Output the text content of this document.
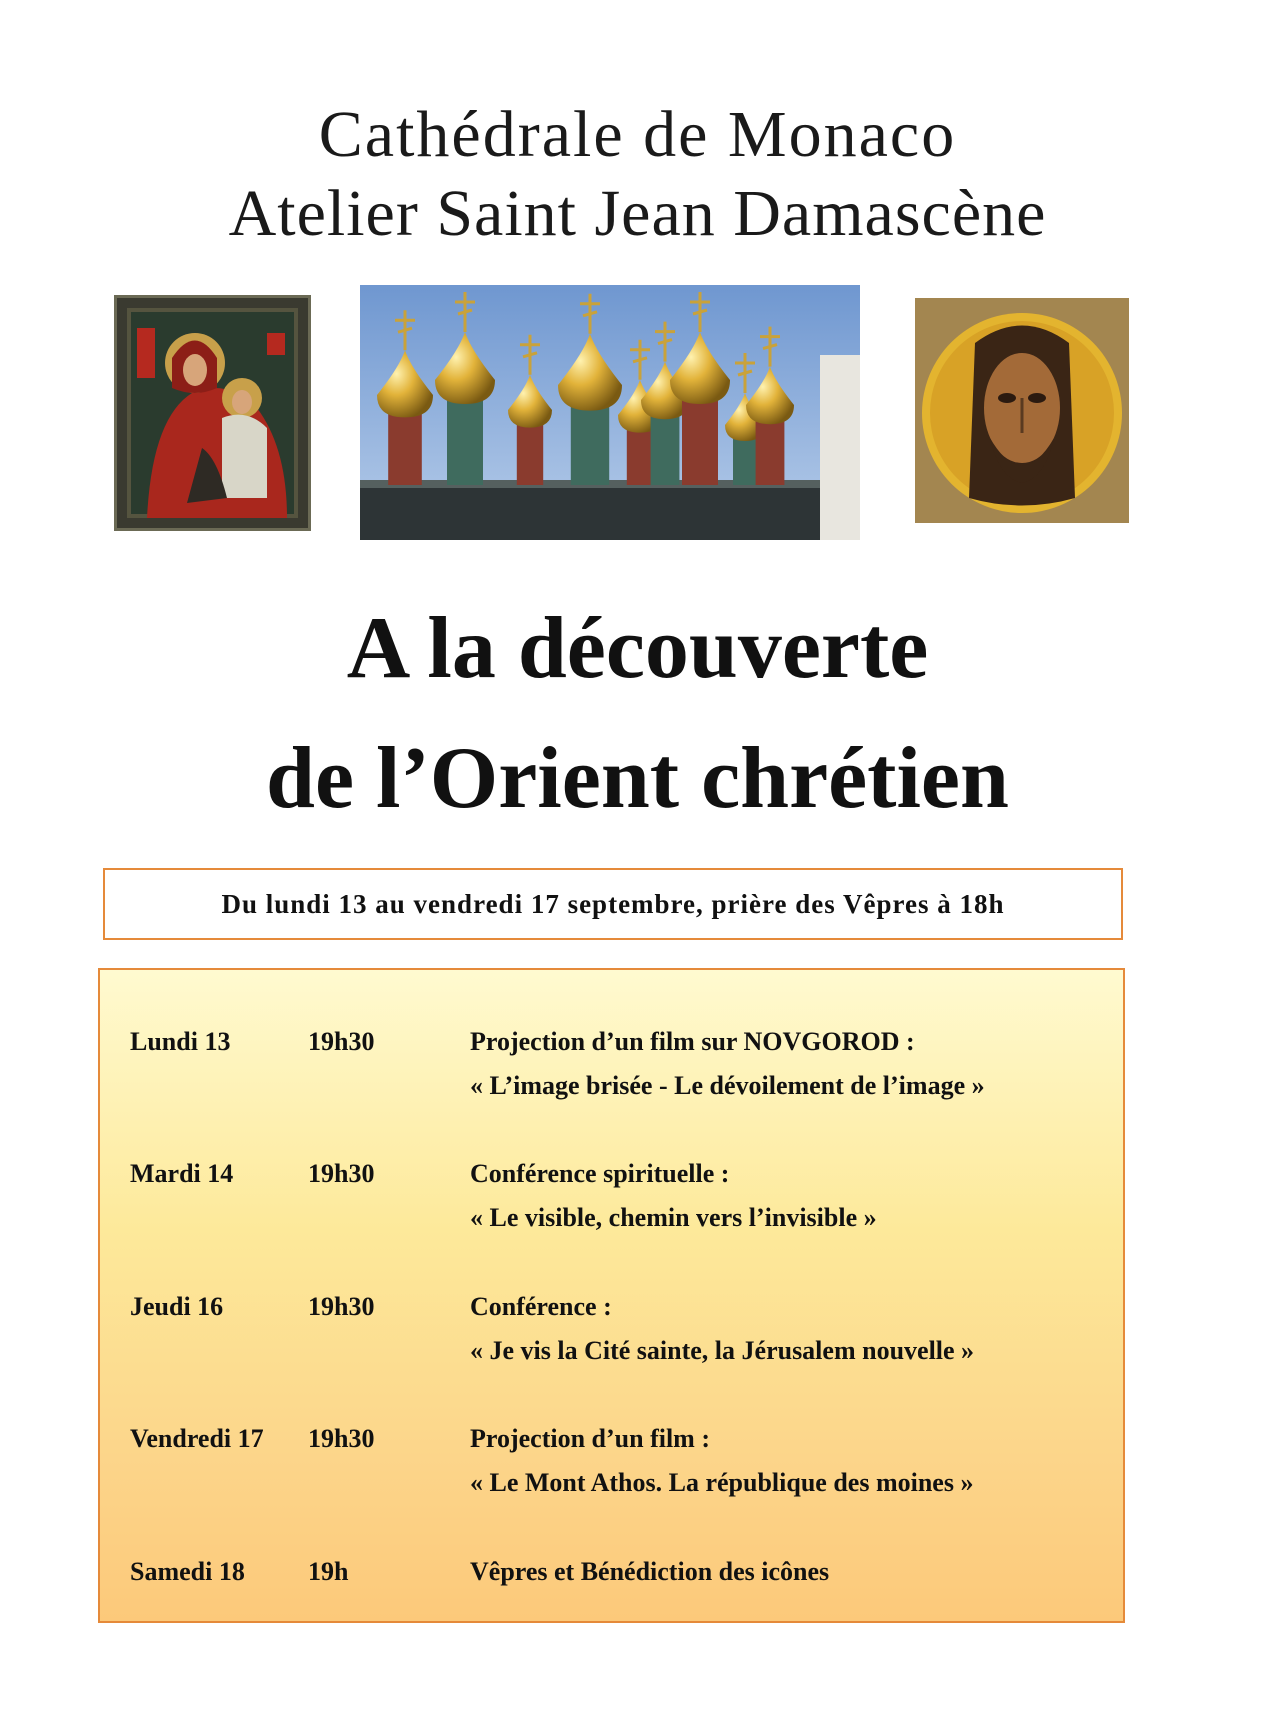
Cathédrale de Monaco
Atelier Saint Jean Damascène
A la découverte
de l’Orient chrétien
Du lundi 13 au vendredi 17 septembre, prière des Vêpres à 18h
Lundi 13	19h30	Projection d’un film sur NOVGOROD :
« L’image brisée - Le dévoilement de l’image »
Mardi 14	19h30	Conférence spirituelle :
« Le visible, chemin vers l’invisible »
Jeudi 16	19h30	Conférence :
« Je vis la Cité sainte, la Jérusalem nouvelle »
Vendredi 17 19h30	Projection d’un film :
« Le Mont Athos. La république des moines »
Samedi 18 19h	Vêpres et Bénédiction des icônes
